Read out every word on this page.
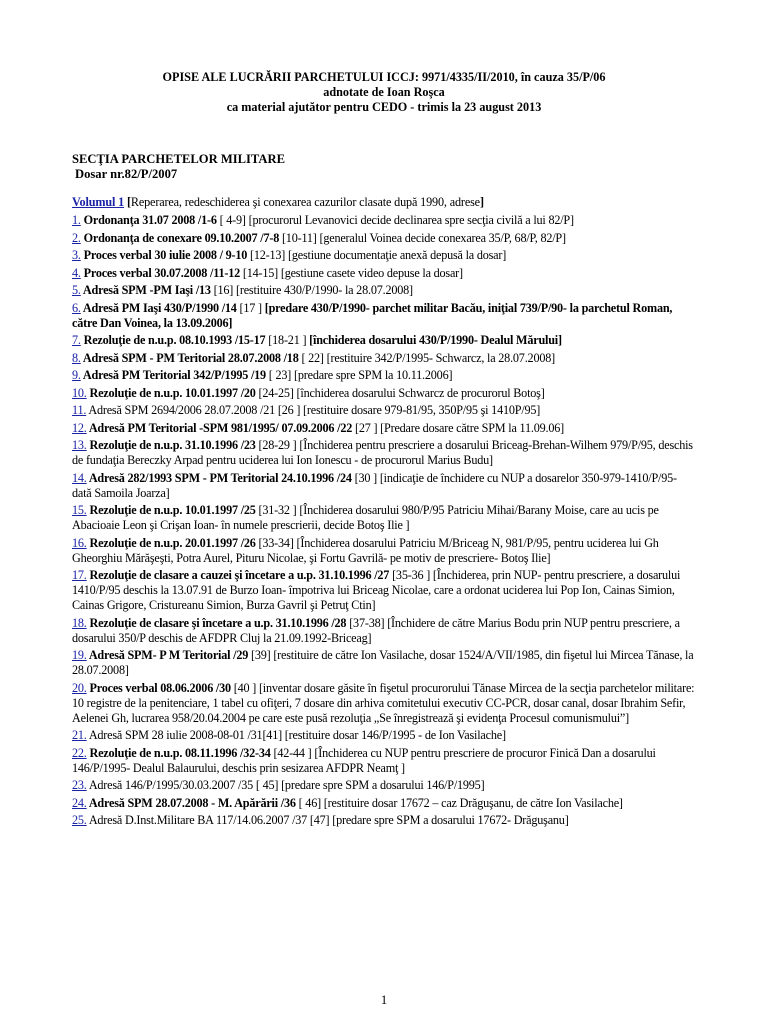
OPISE ALE LUCRĂRII PARCHETULUI ICCJ: 9971/4335/II/2010, în cauza 35/P/06
adnotate de Ioan Roşca
ca material ajutător pentru CEDO - trimis la 23 august 2013
SECŢIA PARCHETELOR MILITARE
Dosar nr.82/P/2007
Volumul 1 [Reperarea, redeschiderea şi conexarea cazurilor clasate după 1990, adrese]
1. Ordonanţa 31.07 2008 /1-6 [ 4-9] [procurorul Levanovici decide declinarea spre secţia civilă a lui 82/P]
2. Ordonanţa de conexare 09.10.2007 /7-8 [10-11] [generalul Voinea decide conexarea 35/P, 68/P, 82/P]
3. Proces verbal 30 iulie 2008 / 9-10 [12-13] [gestiune documentaţie anexă depusă la dosar]
4. Proces verbal 30.07.2008 /11-12 [14-15] [gestiune casete video depuse la dosar]
5. Adresă SPM -PM Iaşi /13 [16] [restituire 430/P/1990- la 28.07.2008]
6. Adresă PM Iaşi 430/P/1990 /14 [17 ] [predare 430/P/1990- parchet militar Bacău, iniţial 739/P/90- la parchetul Roman, către Dan Voinea, la 13.09.2006]
7. Rezoluţie de n.u.p. 08.10.1993 /15-17 [18-21 ] [închiderea dosarului 430/P/1990- Dealul Mărului]
8. Adresă SPM - PM Teritorial 28.07.2008 /18 [ 22] [restituire 342/P/1995- Schwarcz, la 28.07.2008]
9. Adresă PM Teritorial 342/P/1995 /19 [ 23] [predare spre SPM la 10.11.2006]
10. Rezoluţie de n.u.p. 10.01.1997 /20 [24-25] [închiderea dosarului Schwarcz de procurorul Botoş]
11. Adresă SPM 2694/2006 28.07.2008 /21 [26 ] [restituire dosare 979-81/95, 350P/95 şi 1410P/95]
12. Adresă PM Teritorial -SPM 981/1995/ 07.09.2006 /22 [27 ] [Predare dosare către SPM la 11.09.06]
13. Rezoluţie de n.u.p. 31.10.1996 /23 [28-29 ] [Închiderea pentru prescriere a dosarului Briceag-Brehan-Wilhem 979/P/95, deschis de fundaţia Bereczky Arpad pentru uciderea lui Ion Ionescu - de procurorul Marius Budu]
14. Adresă 282/1993 SPM - PM Teritorial 24.10.1996 /24 [30 ] [indicaţie de închidere cu NUP a dosarelor 350-979-1410/P/95- dată Samoila Joarza]
15. Rezoluţie de n.u.p. 10.01.1997 /25 [31-32 ] [Închiderea dosarului 980/P/95 Patriciu Mihai/Barany Moise, care au ucis pe Abacioaie Leon şi Crişan Ioan- în numele prescrierii, decide Botoş Ilie ]
16. Rezoluţie de n.u.p. 20.01.1997 /26 [33-34] [Închiderea dosarului Patriciu M/Briceag N, 981/P/95, pentru uciderea lui Gh Gheorghiu Mărăşeşti, Potra Aurel, Pituru Nicolae, şi Fortu Gavrilă- pe motiv de prescriere- Botoş Ilie]
17. Rezoluţie de clasare a cauzei şi încetare a u.p. 31.10.1996 /27 [35-36 ] [Închiderea, prin NUP- pentru prescriere, a dosarului 1410/P/95 deschis la 13.07.91 de Burzo Ioan- împotriva lui Briceag Nicolae, care a ordonat uciderea lui Pop Ion, Cainas Simion, Cainas Grigore, Cristureanu Simion, Burza Gavril şi Petruţ Ctin]
18. Rezoluţie de clasare şi încetare a u.p. 31.10.1996 /28 [37-38] [Închidere de către Marius Bodu prin NUP pentru prescriere, a dosarului 350/P deschis de AFDPR Cluj la 21.09.1992-Briceag]
19. Adresă SPM- P M Teritorial /29 [39] [restituire de către Ion Vasilache, dosar 1524/A/VII/1985, din fişetul lui Mircea Tănase, la 28.07.2008]
20. Proces verbal 08.06.2006 /30 [40 ] [inventar dosare găsite în fişetul procurorului Tănase Mircea de la secţia parchetelor militare: 10 registre de la penitenciare, 1 tabel cu ofiţeri, 7 dosare din arhiva comitetului executiv CC-PCR, dosar canal, dosar Ibrahim Sefir, Aelenei Gh, lucrarea 958/20.04.2004 pe care este pusă rezoluţia „Se înregistrează şi evidenţa Procesul comunismului”]
21. Adresă SPM 28 iulie 2008-08-01 /31[41] [restituire dosar 146/P/1995 - de Ion Vasilache]
22. Rezoluţie de n.u.p. 08.11.1996 /32-34 [42-44 ] [Închiderea cu NUP pentru prescriere de procuror Finică Dan a dosarului 146/P/1995- Dealul Balaurului, deschis prin sesizarea AFDPR Neamţ ]
23. Adresă 146/P/1995/30.03.2007 /35 [ 45] [predare spre SPM a dosarului 146/P/1995]
24. Adresă SPM 28.07.2008 - M. Apărării /36 [ 46] [restituire dosar 17672 – caz Drăguşanu, de către Ion Vasilache]
25. Adresă D.Inst.Militare BA 117/14.06.2007 /37 [47] [predare spre SPM a dosarului 17672- Drăguşanu]
1
